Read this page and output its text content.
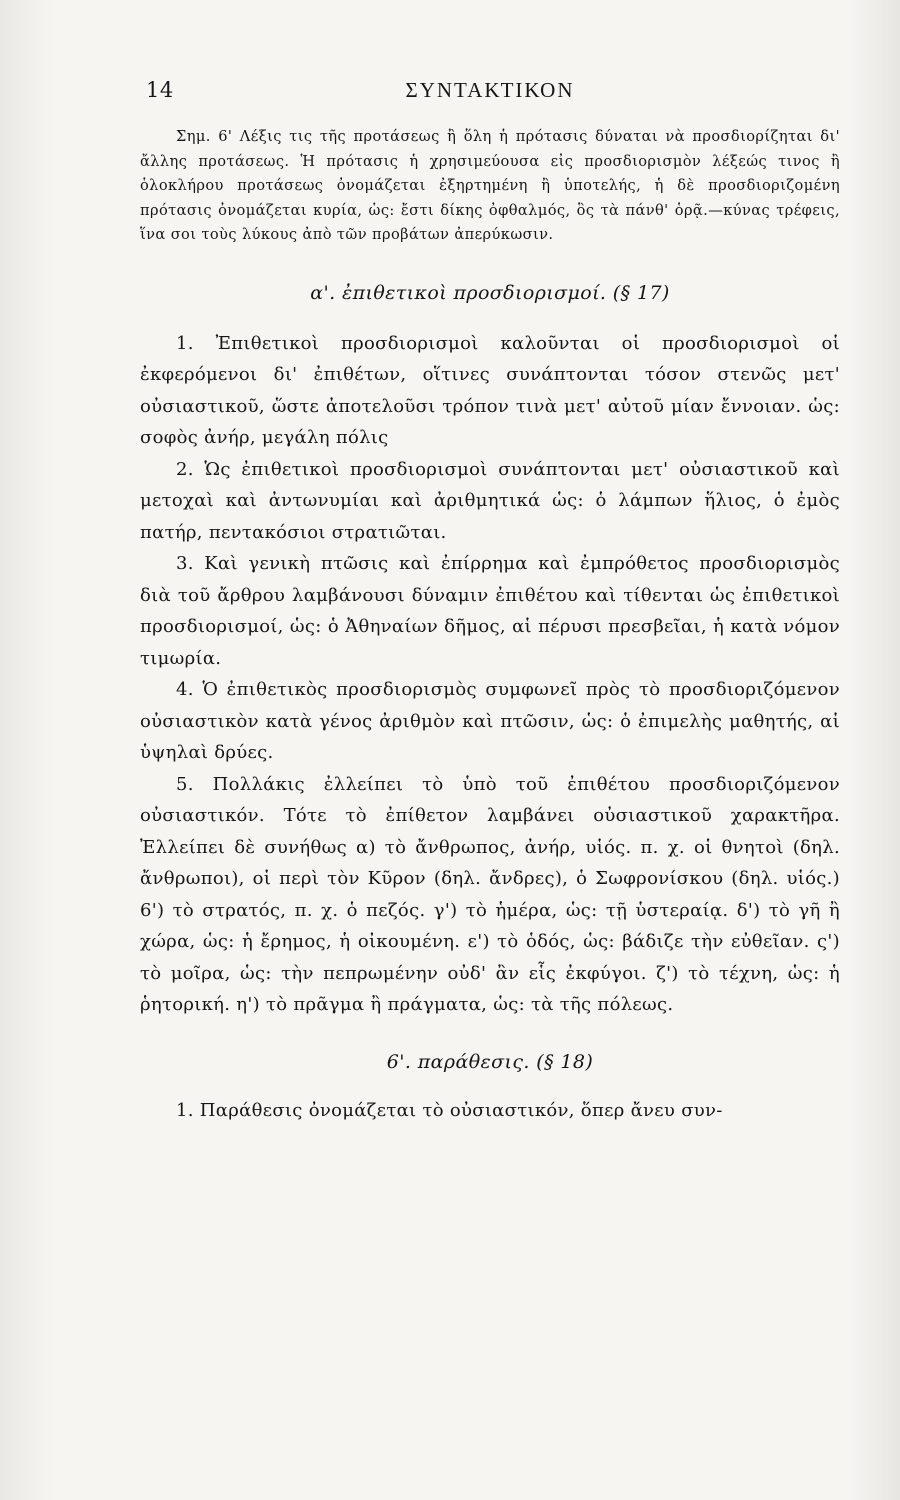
14	ΣΥΝΤΑΚΤΙΚΟΝ

Σημ. 6' Λέξις τις τῆς προτάσεως ἢ ὅλη ἡ πρότασις δύναται νὰ προσδιορίζηται δι' ἄλλης προτάσεως. Ἡ πρότασις ἡ χρησιμεύουσα εἰς προσδιορισμὸν λέξεώς τινος ἢ ὁλοκλήρου προτάσεως ὀνομάζεται ἐξηρτημένη ἢ ὑποτελής, ἡ δὲ προσδιοριζομένη πρότασις ὀνομάζεται κυρία, ὡς: ἔστι δίκης ὀφθαλμός, ὃς τὰ πάνθ' ὁρᾷ.—κύνας τρέφεις, ἵνα σοι τοὺς λύκους ἀπὸ τῶν προβάτων ἀπερύκωσιν.

α'. ἐπιθετικοὶ προσδιορισμοί. (§ 17)

1. Ἐπιθετικοὶ προσδιορισμοὶ καλοῦνται οἱ προσδιορισμοὶ οἱ ἐκφερόμενοι δι' ἐπιθέτων, οἵτινες συνάπτονται τόσον στενῶς μετ' οὐσιαστικοῦ, ὥστε ἀποτελοῦσι τρόπον τινὰ μετ' αὐτοῦ μίαν ἔννοιαν. ὡς: σοφὸς ἀνήρ, μεγάλη πόλις

2. Ὡς ἐπιθετικοὶ προσδιορισμοὶ συνάπτονται μετ' οὐσιαστικοῦ καὶ μετοχαὶ καὶ ἀντωνυμίαι καὶ ἀριθμητικά ὡς: ὁ λάμπων ἥλιος, ὁ ἐμὸς πατήρ, πεντακόσιοι στρατιῶται.

3. Καὶ γενικὴ πτῶσις καὶ ἐπίρρημα καὶ ἐμπρόθετος προσδιορισμὸς διὰ τοῦ ἄρθρου λαμβάνουσι δύναμιν ἐπιθέτου καὶ τίθενται ὡς ἐπιθετικοὶ προσδιορισμοί, ὡς: ὁ Ἀθηναίων δῆμος, αἱ πέρυσι πρεσβεῖαι, ἡ κατὰ νόμον τιμωρία.

4. Ὁ ἐπιθετικὸς προσδιορισμὸς συμφωνεῖ πρὸς τὸ προσδιοριζόμενον οὐσιαστικὸν κατὰ γένος ἀριθμὸν καὶ πτῶσιν, ὡς: ὁ ἐπιμελὴς μαθητής, αἱ ὑψηλαὶ δρύες.

5. Πολλάκις ἐλλείπει τὸ ὑπὸ τοῦ ἐπιθέτου προσδιοριζόμενον οὐσιαστικόν. Τότε τὸ ἐπίθετον λαμβάνει οὐσιαστικοῦ χαρακτῆρα. Ἐλλείπει δὲ συνήθως α) τὸ ἄνθρωπος, ἀνήρ, υἱός. π. χ. οἱ θνητοὶ (δηλ. ἄνθρωποι), οἱ περὶ τὸν Κῦρον (δηλ. ἄνδρες), ὁ Σωφρονίσκου (δηλ. υἱός.) 6') τὸ στρατός, π. χ. ὁ πεζός. γ') τὸ ἡμέρα, ὡς: τῇ ὑστεραίᾳ. δ') τὸ γῆ ἢ χώρα, ὡς: ἡ ἔρημος, ἡ οἰκουμένη. ε') τὸ ὁδός, ὡς: βάδιζε τὴν εὐθεῖαν. ς') τὸ μοῖρα, ὡς: τὴν πεπρωμένην οὐδ' ἂν εἷς ἐκφύγοι. ζ') τὸ τέχνη, ὡς: ἡ ῥητορική. η') τὸ πρᾶγμα ἢ πράγματα, ὡς: τὰ τῆς πόλεως.

6'. παράθεσις. (§ 18)

1. Παράθεσις ὀνομάζεται τὸ οὐσιαστικόν, ὅπερ ἄνευ συν-
